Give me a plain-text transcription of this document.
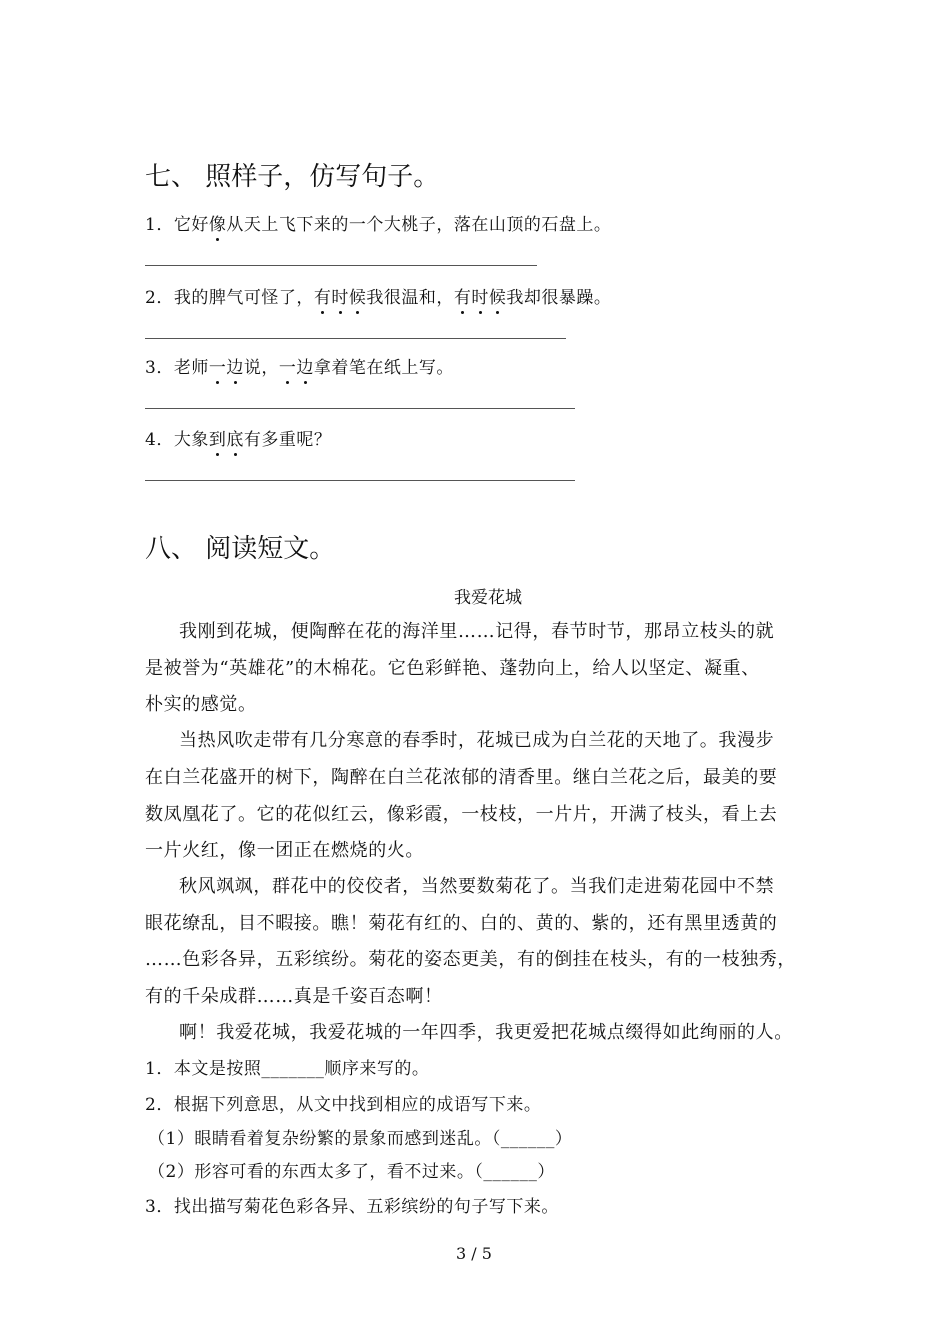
七、 照样子，仿写句子。
1．它好像从天上飞下来的一个大桃子，落在山顶的石盘上。
2．我的脾气可怪了，有时候我很温和，有时候我却很暴躁。
3．老师一边说，一边拿着笔在纸上写。
4．大象到底有多重呢？
八、 阅读短文。
我爱花城
我刚到花城，便陶醉在花的海洋里……记得，春节时节，那昂立枝头的就
是被誉为“英雄花”的木棉花。它色彩鲜艳、蓬勃向上，给人以坚定、凝重、
朴实的感觉。
当热风吹走带有几分寒意的春季时，花城已成为白兰花的天地了。我漫步
在白兰花盛开的树下，陶醉在白兰花浓郁的清香里。继白兰花之后，最美的要
数凤凰花了。它的花似红云，像彩霞，一枝枝，一片片，开满了枝头，看上去
一片火红，像一团正在燃烧的火。
秋风飒飒，群花中的佼佼者，当然要数菊花了。当我们走进菊花园中不禁
眼花缭乱，目不暇接。瞧！菊花有红的、白的、黄的、紫的，还有黑里透黄的
……色彩各异，五彩缤纷。菊花的姿态更美，有的倒挂在枝头，有的一枝独秀，
有的千朵成群……真是千姿百态啊！
啊！我爱花城，我爱花城的一年四季，我更爱把花城点缀得如此绚丽的人。
1．本文是按照_______顺序来写的。
2．根据下列意思，从文中找到相应的成语写下来。
（1）眼睛看着复杂纷繁的景象而感到迷乱。（______）
（2）形容可看的东西太多了，看不过来。（______）
3．找出描写菊花色彩各异、五彩缤纷的句子写下来。
3 / 5
